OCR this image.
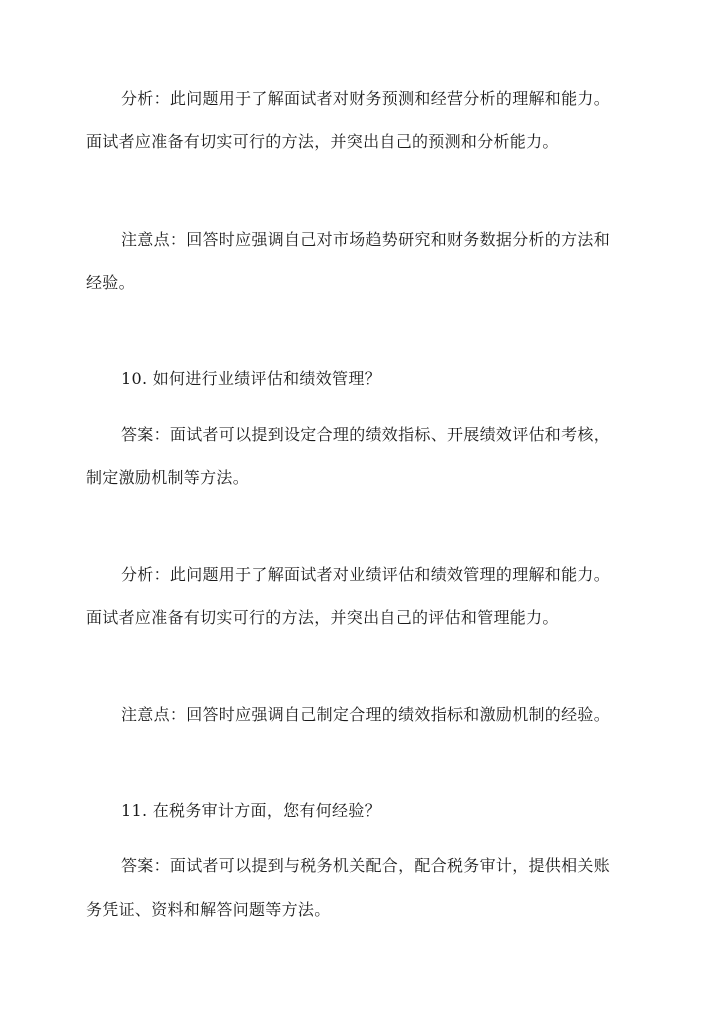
分析：此问题用于了解面试者对财务预测和经营分析的理解和能力。
面试者应准备有切实可行的方法，并突出自己的预测和分析能力。
注意点：回答时应强调自己对市场趋势研究和财务数据分析的方法和
经验。
10. 如何进行业绩评估和绩效管理？
答案：面试者可以提到设定合理的绩效指标、开展绩效评估和考核，
制定激励机制等方法。
分析：此问题用于了解面试者对业绩评估和绩效管理的理解和能力。
面试者应准备有切实可行的方法，并突出自己的评估和管理能力。
注意点：回答时应强调自己制定合理的绩效指标和激励机制的经验。
11. 在税务审计方面，您有何经验？
答案：面试者可以提到与税务机关配合，配合税务审计，提供相关账
务凭证、资料和解答问题等方法。
